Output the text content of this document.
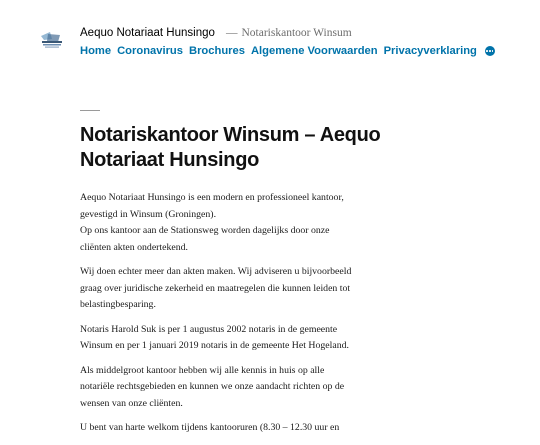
Aequo Notariaat Hunsingo — Notariskantoor Winsum
Home Coronavirus Brochures Algemene Voorwaarden Privacyverklaring
Notariskantoor Winsum – Aequo
Notariaat Hunsingo

Aequo Notariaat Hunsingo is een modern en professioneel kantoor,
gevestigd in Winsum (Groningen).
Op ons kantoor aan de Stationsweg worden dagelijks door onze
cliënten akten ondertekend.

Wij doen echter meer dan akten maken. Wij adviseren u bijvoorbeeld
graag over juridische zekerheid en maatregelen die kunnen leiden tot
belastingbesparing.

Notaris Harold Suk is per 1 augustus 2002 notaris in de gemeente
Winsum en per 1 januari 2019 notaris in de gemeente Het Hogeland.

Als middelgroot kantoor hebben wij alle kennis in huis op alle
notariële rechtsgebieden en kunnen we onze aandacht richten op de
wensen van onze cliënten.

U bent van harte welkom tijdens kantooruren (8.30 – 12.30 uur en
